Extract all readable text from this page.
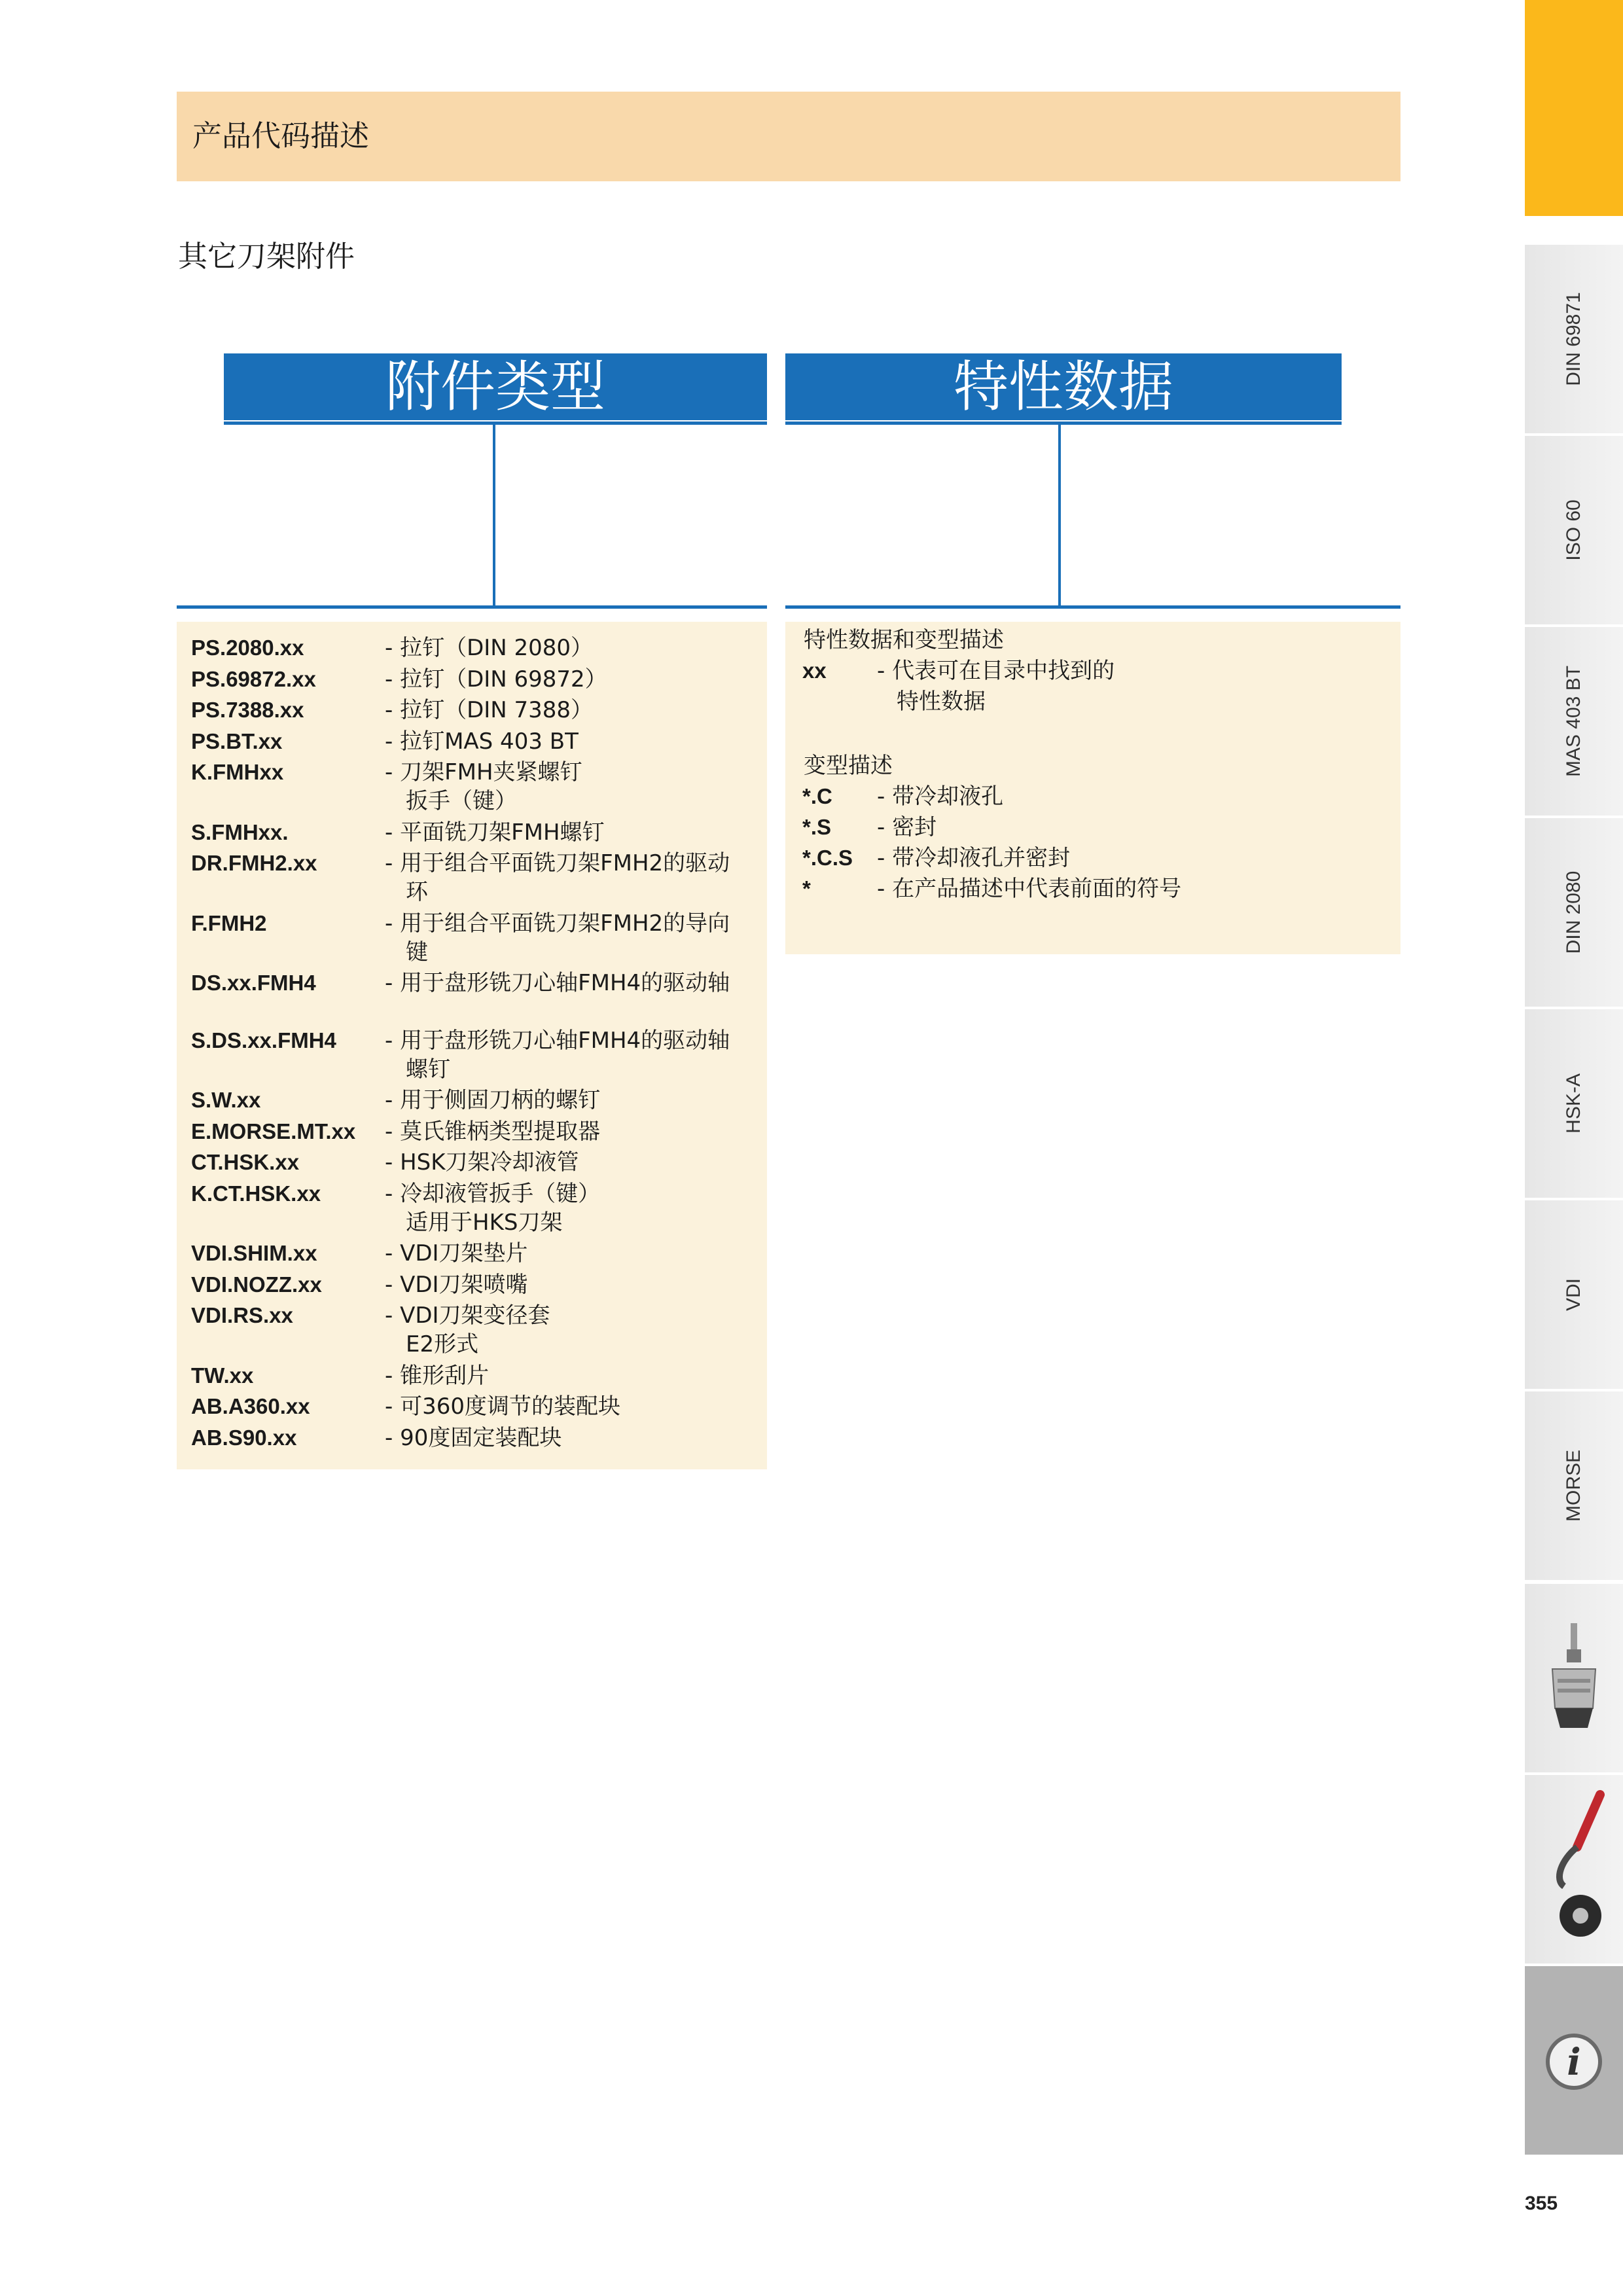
产品代码描述
其它刀架附件
附件类型	特性数据
PS.2080.xx	- 拉钉（DIN 2080）
PS.69872.xx	- 拉钉（DIN 69872）
PS.7388.xx	- 拉钉（DIN 7388）
PS.BT.xx	- 拉钉MAS 403 BT
K.FMHxx	- 刀架FMH夹紧螺钉
扳手（键）
S.FMHxx.	- 平面铣刀架FMH螺钉
DR.FMH2.xx	- 用于组合平面铣刀架FMH2的驱动
环
F.FMH2	- 用于组合平面铣刀架FMH2的导向
键
DS.xx.FMH4	- 用于盘形铣刀心轴FMH4的驱动轴
S.DS.xx.FMH4 - 用于盘形铣刀心轴FMH4的驱动轴
螺钉
S.W.xx	- 用于侧固刀柄的螺钉
E.MORSE.MT.xx - 莫氏锥柄类型提取器
CT.HSK.xx	- HSK刀架冷却液管
K.CT.HSK.xx	- 冷却液管扳手（键）
适用于HKS刀架
VDI.SHIM.xx	- VDI刀架垫片
VDI.NOZZ.xx	- VDI刀架喷嘴
VDI.RS.xx	- VDI刀架变径套
E2形式
TW.xx	- 锥形刮片
AB.A360.xx	- 可360度调节的装配块
AB.S90.xx	- 90度固定装配块
特性数据和变型描述
xx - 代表可在目录中找到的
特性数据
变型描述
*.C - 带冷却液孔
*.S - 密封
*.C.S - 带冷却液孔并密封
*	- 在产品描述中代表前面的符号
DIN 69871
ISO 60
MAS 403 BT
DIN 2080
HSK-A
VDI
MORSE
i
355
